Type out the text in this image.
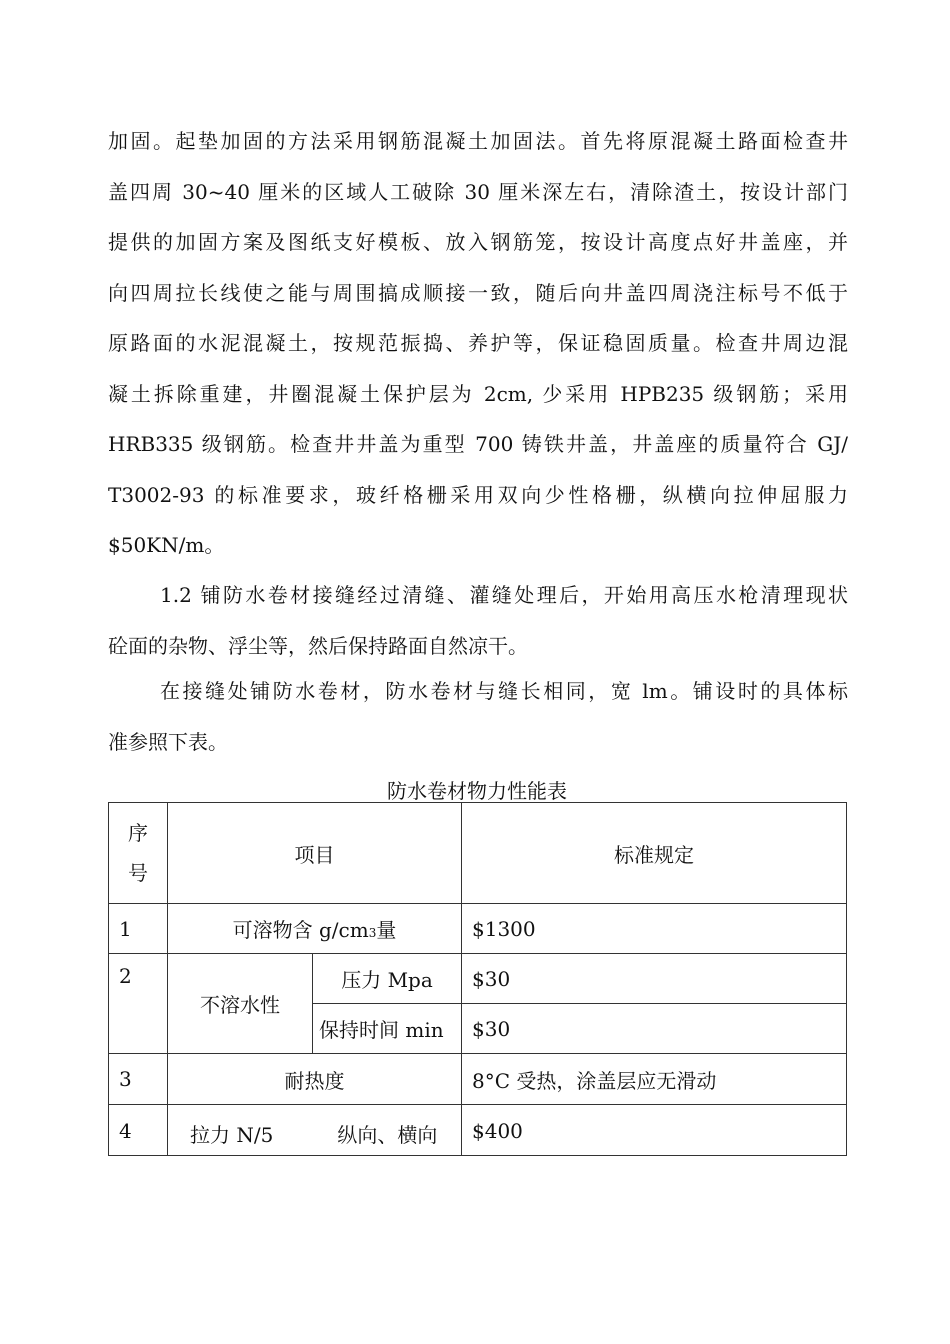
加固。起垫加固的方法采用钢筋混凝土加固法。首先将原混凝土路面检查井
盖四周 30~40 厘米的区域人工破除 30 厘米深左右，清除渣土，按设计部门
提供的加固方案及图纸支好模板、放入钢筋笼，按设计高度点好井盖座，并
向四周拉长线使之能与周围搞成顺接一致，随后向井盖四周浇注标号不低于
原路面的水泥混凝土，按规范振捣、养护等，保证稳固质量。检查井周边混
凝土拆除重建，井圈混凝土保护层为 2cm, 少采用 HPB235 级钢筋；采用
HRB335 级钢筋。检查井井盖为重型 700 铸铁井盖，井盖座的质量符合 GJ/
T3002-93 的标准要求，玻纤格栅采用双向少性格栅，纵横向拉伸屈服力
$50KN/m。
1.2 铺防水卷材接缝经过清缝、灌缝处理后，开始用高压水枪清理现状
砼面的杂物、浮尘等，然后保持路面自然凉干。
在接缝处铺防水卷材，防水卷材与缝长相同，宽 lm。铺设时的具体标
准参照下表。
防水卷材物力性能表
序
号	项目		标准规定
1	可溶物含 g/cm3量		$1300
2	不溶水性	压力 Mpa	$30
		保持时间 min	$30
3	耐热度		8°C 受热，涂盖层应无滑动
4	拉力 N/5 纵向、横向		$400
